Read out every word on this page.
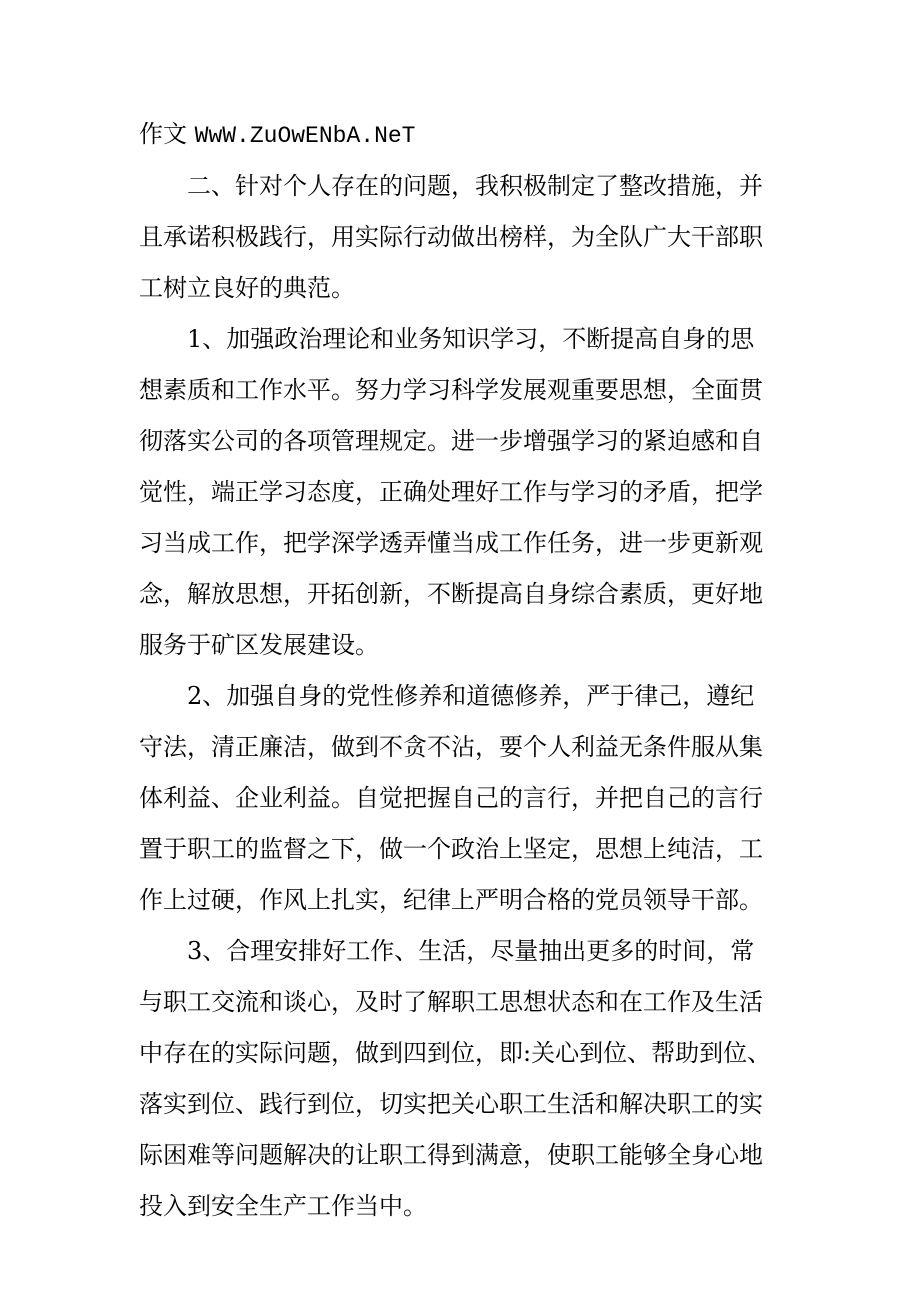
作文 WwW.ZuOwENbA.NeT

　　二、针对个人存在的问题，我积极制定了整改措施，并

且承诺积极践行，用实际行动做出榜样，为全队广大干部职

工树立良好的典范。

　　1、加强政治理论和业务知识学习，不断提高自身的思

想素质和工作水平。努力学习科学发展观重要思想，全面贯

彻落实公司的各项管理规定。进一步增强学习的紧迫感和自

觉性，端正学习态度，正确处理好工作与学习的矛盾，把学

习当成工作，把学深学透弄懂当成工作任务，进一步更新观

念，解放思想，开拓创新，不断提高自身综合素质，更好地

服务于矿区发展建设。

　　2、加强自身的党性修养和道德修养，严于律己，遵纪

守法，清正廉洁，做到不贪不沾，要个人利益无条件服从集

体利益、企业利益。自觉把握自己的言行，并把自己的言行

置于职工的监督之下，做一个政治上坚定，思想上纯洁，工

作上过硬，作风上扎实，纪律上严明合格的党员领导干部。

　　3、合理安排好工作、生活，尽量抽出更多的时间，常

与职工交流和谈心，及时了解职工思想状态和在工作及生活

中存在的实际问题，做到四到位，即:关心到位、帮助到位、

落实到位、践行到位，切实把关心职工生活和解决职工的实

际困难等问题解决的让职工得到满意，使职工能够全身心地

投入到安全生产工作当中。
